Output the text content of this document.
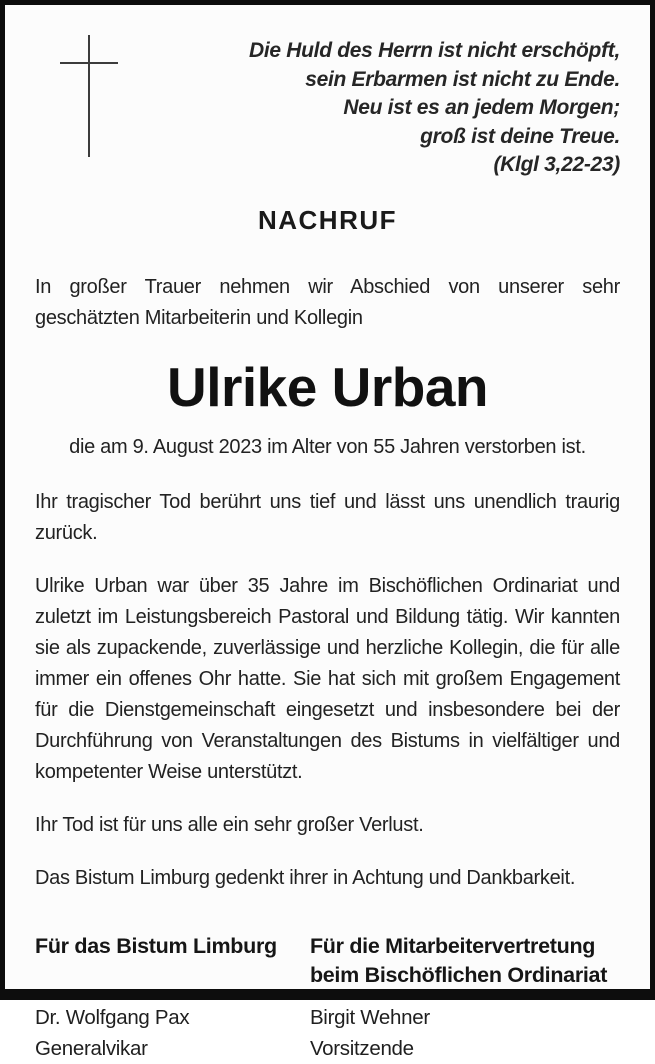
Die Huld des Herrn ist nicht erschöpft,
sein Erbarmen ist nicht zu Ende.
Neu ist es an jedem Morgen;
groß ist deine Treue.
(Klgl 3,22-23)
NACHRUF
In großer Trauer nehmen wir Abschied von unserer sehr geschätzten Mitarbeiterin und Kollegin
Ulrike Urban
die am 9. August 2023 im Alter von 55 Jahren verstorben ist.
Ihr tragischer Tod berührt uns tief und lässt uns unendlich traurig zurück.
Ulrike Urban war über 35 Jahre im Bischöflichen Ordinariat und zuletzt im Leistungsbereich Pastoral und Bildung tätig. Wir kannten sie als zupackende, zuverlässige und herzliche Kollegin, die für alle immer ein offenes Ohr hatte. Sie hat sich mit großem Engagement für die Dienstgemeinschaft eingesetzt und insbesondere bei der Durchführung von Veranstaltungen des Bistums in vielfältiger und kompetenter Weise unterstützt.
Ihr Tod ist für uns alle ein sehr großer Verlust.
Das Bistum Limburg gedenkt ihrer in Achtung und Dankbarkeit.
Für das Bistum Limburg
Dr. Wolfgang Pax
Generalvikar
Für die Mitarbeitervertretung beim Bischöflichen Ordinariat
Birgit Wehner
Vorsitzende
